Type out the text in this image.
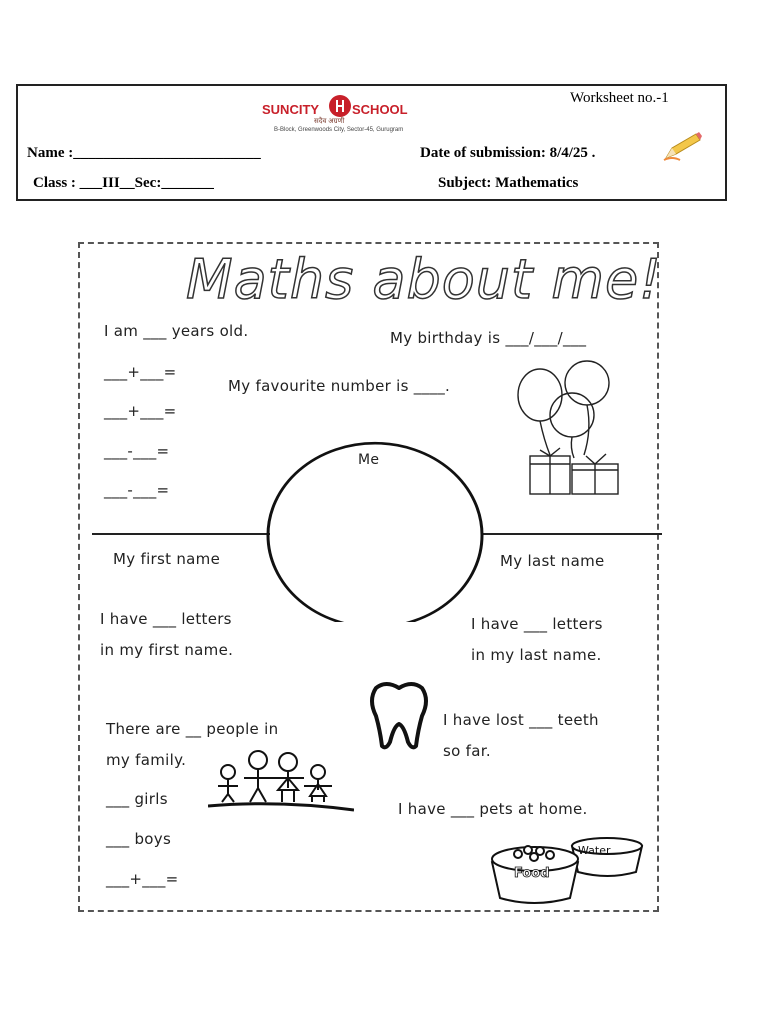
Worksheet no.-1
SUNCITY	SCHOOL
सदैव अग्रणी
B-Block, Greenwoods City, Sector-45, Gurugram
Name :_________________________	Date of submission: 8/4/25 .
Class : ___III__Sec:_______	Subject: Mathematics
Maths about me!
I am ___ years old.	My birthday is ___/___/___
___+___=
My favourite number is ____.
___+___=
___-___=
___-___=
Me
My first name	My last name
I have ___ letters
in my first name.
I have ___ letters
in my last name.
I have lost ___ teeth
so far.
There are __ people in
my family.
___ girls
___ boys
___+___=
I have ___ pets at home.
Food
Water
